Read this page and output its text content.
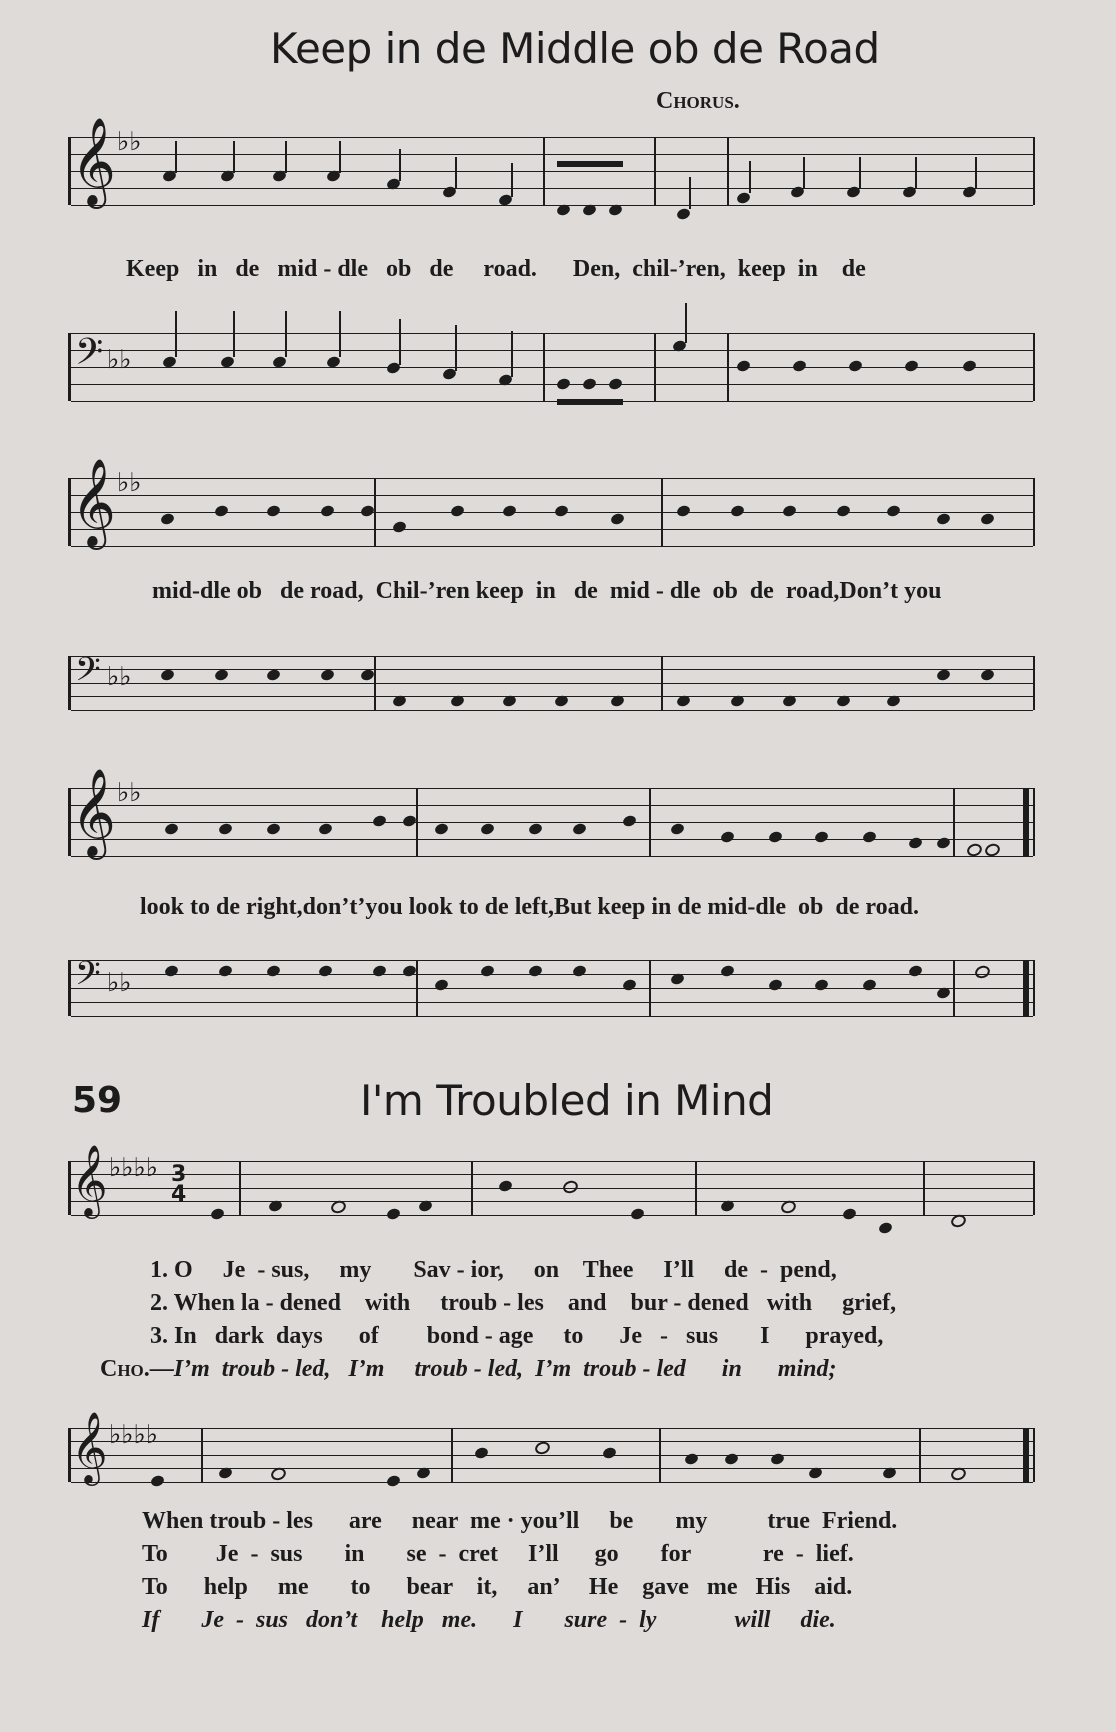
Keep in de Middle ob de Road
Chorus.
𝄞 ♭♭
Keep   in   de   mid - dle   ob   de     road.      Den,  chil-’ren,  keep  in    de
𝄢 ♭♭
𝄞 ♭♭
mid-dle ob   de road,  Chil-’ren keep  in   de  mid - dle  ob  de  road,Don’t you
𝄢 ♭♭
𝄞 ♭♭
look to de right,don’t’you look to de left,But keep in de mid-dle  ob  de road.
𝄢 ♭♭
59	I'm Troubled in Mind
𝄞 ♭♭♭♭ 3
4
1. O     Je  - sus,     my       Sav - ior,     on    Thee     I’ll     de  -  pend,
2. When la - dened    with     troub - les    and    bur - dened   with     grief,
3. In   dark  days      of        bond - age     to      Je   -   sus       I      prayed,
Cho.—I’m  troub - led,   I’m     troub - led,  I’m  troub - led      in      mind;
𝄞 ♭♭♭♭
When troub - les      are     near  me · you’ll     be       my          true  Friend.
To        Je  -  sus       in       se  -  cret     I’ll      go       for            re  -  lief.
To      help     me       to      bear    it,     an’     He    gave   me   His    aid.
If       Je  -  sus   don’t    help   me.      I       sure  -  ly             will     die.
